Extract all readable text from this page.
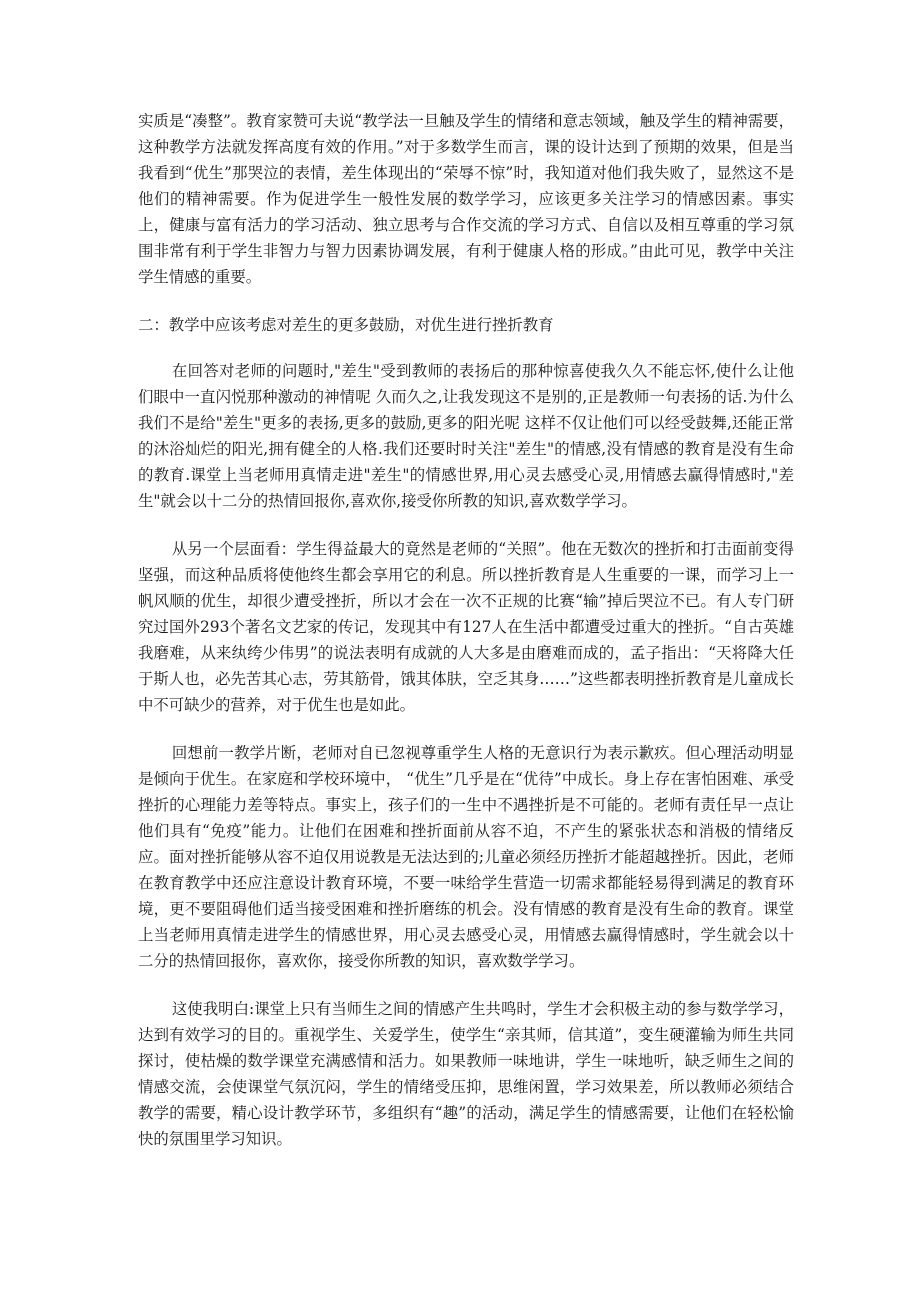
实质是“凑整”。教育家赞可夫说“教学法一旦触及学生的情绪和意志领域，触及学生的精神需要，这种教学方法就发挥高度有效的作用。”对于多数学生而言，课的设计达到了预期的效果，但是当我看到“优生”那哭泣的表情，差生体现出的“荣辱不惊”时，我知道对他们我失败了，显然这不是他们的精神需要。作为促进学生一般性发展的数学学习，应该更多关注学习的情感因素。事实上，健康与富有活力的学习活动、独立思考与合作交流的学习方式、自信以及相互尊重的学习氛围非常有利于学生非智力与智力因素协调发展，有利于健康人格的形成。”由此可见，教学中关注学生情感的重要。

二：教学中应该考虑对差生的更多鼓励，对优生进行挫折教育

在回答对老师的问题时,"差生"受到教师的表扬后的那种惊喜使我久久不能忘怀,使什么让他们眼中一直闪悦那种激动的神情呢 久而久之,让我发现这不是别的,正是教师一句表扬的话.为什么我们不是给"差生"更多的表扬,更多的鼓励,更多的阳光呢 这样不仅让他们可以经受鼓舞,还能正常的沐浴灿烂的阳光,拥有健全的人格.我们还要时时关注"差生"的情感,没有情感的教育是没有生命的教育.课堂上当老师用真情走进"差生"的情感世界,用心灵去感受心灵,用情感去赢得情感时,"差生"就会以十二分的热情回报你,喜欢你,接受你所教的知识,喜欢数学学习。

从另一个层面看：学生得益最大的竟然是老师的“关照”。他在无数次的挫折和打击面前变得坚强，而这种品质将使他终生都会享用它的利息。所以挫折教育是人生重要的一课，而学习上一帆风顺的优生，却很少遭受挫折，所以才会在一次不正规的比赛“输”掉后哭泣不已。有人专门研究过国外293个著名文艺家的传记，发现其中有127人在生活中都遭受过重大的挫折。“自古英雄我磨难，从来纨绔少伟男”的说法表明有成就的人大多是由磨难而成的，孟子指出：“天将降大任于斯人也，必先苦其心志，劳其筋骨，饿其体肤，空乏其身……”这些都表明挫折教育是儿童成长中不可缺少的营养，对于优生也是如此。

回想前一教学片断，老师对自已忽视尊重学生人格的无意识行为表示歉疚。但心理活动明显是倾向于优生。在家庭和学校环境中， “优生”几乎是在“优待”中成长。身上存在害怕困难、承受挫折的心理能力差等特点。事实上，孩子们的一生中不遇挫折是不可能的。老师有责任早一点让他们具有“免疫”能力。让他们在困难和挫折面前从容不迫，不产生的紧张状态和消极的情绪反应。面对挫折能够从容不迫仅用说教是无法达到的;儿童必须经历挫折才能超越挫折。因此，老师在教育教学中还应注意设计教育环境，不要一味给学生营造一切需求都能轻易得到满足的教育环境，更不要阻碍他们适当接受困难和挫折磨练的机会。没有情感的教育是没有生命的教育。课堂上当老师用真情走进学生的情感世界，用心灵去感受心灵，用情感去赢得情感时，学生就会以十二分的热情回报你，喜欢你，接受你所教的知识，喜欢数学学习。

这使我明白:课堂上只有当师生之间的情感产生共鸣时，学生才会积极主动的参与数学学习，达到有效学习的目的。重视学生、关爱学生，使学生“亲其师，信其道”，变生硬灌输为师生共同探讨，使枯燥的数学课堂充满感情和活力。如果教师一味地讲，学生一味地听，缺乏师生之间的情感交流，会使课堂气氛沉闷，学生的情绪受压抑，思维闲置，学习效果差，所以教师必须结合教学的需要，精心设计教学环节，多组织有“趣”的活动，满足学生的情感需要，让他们在轻松愉快的氛围里学习知识。
